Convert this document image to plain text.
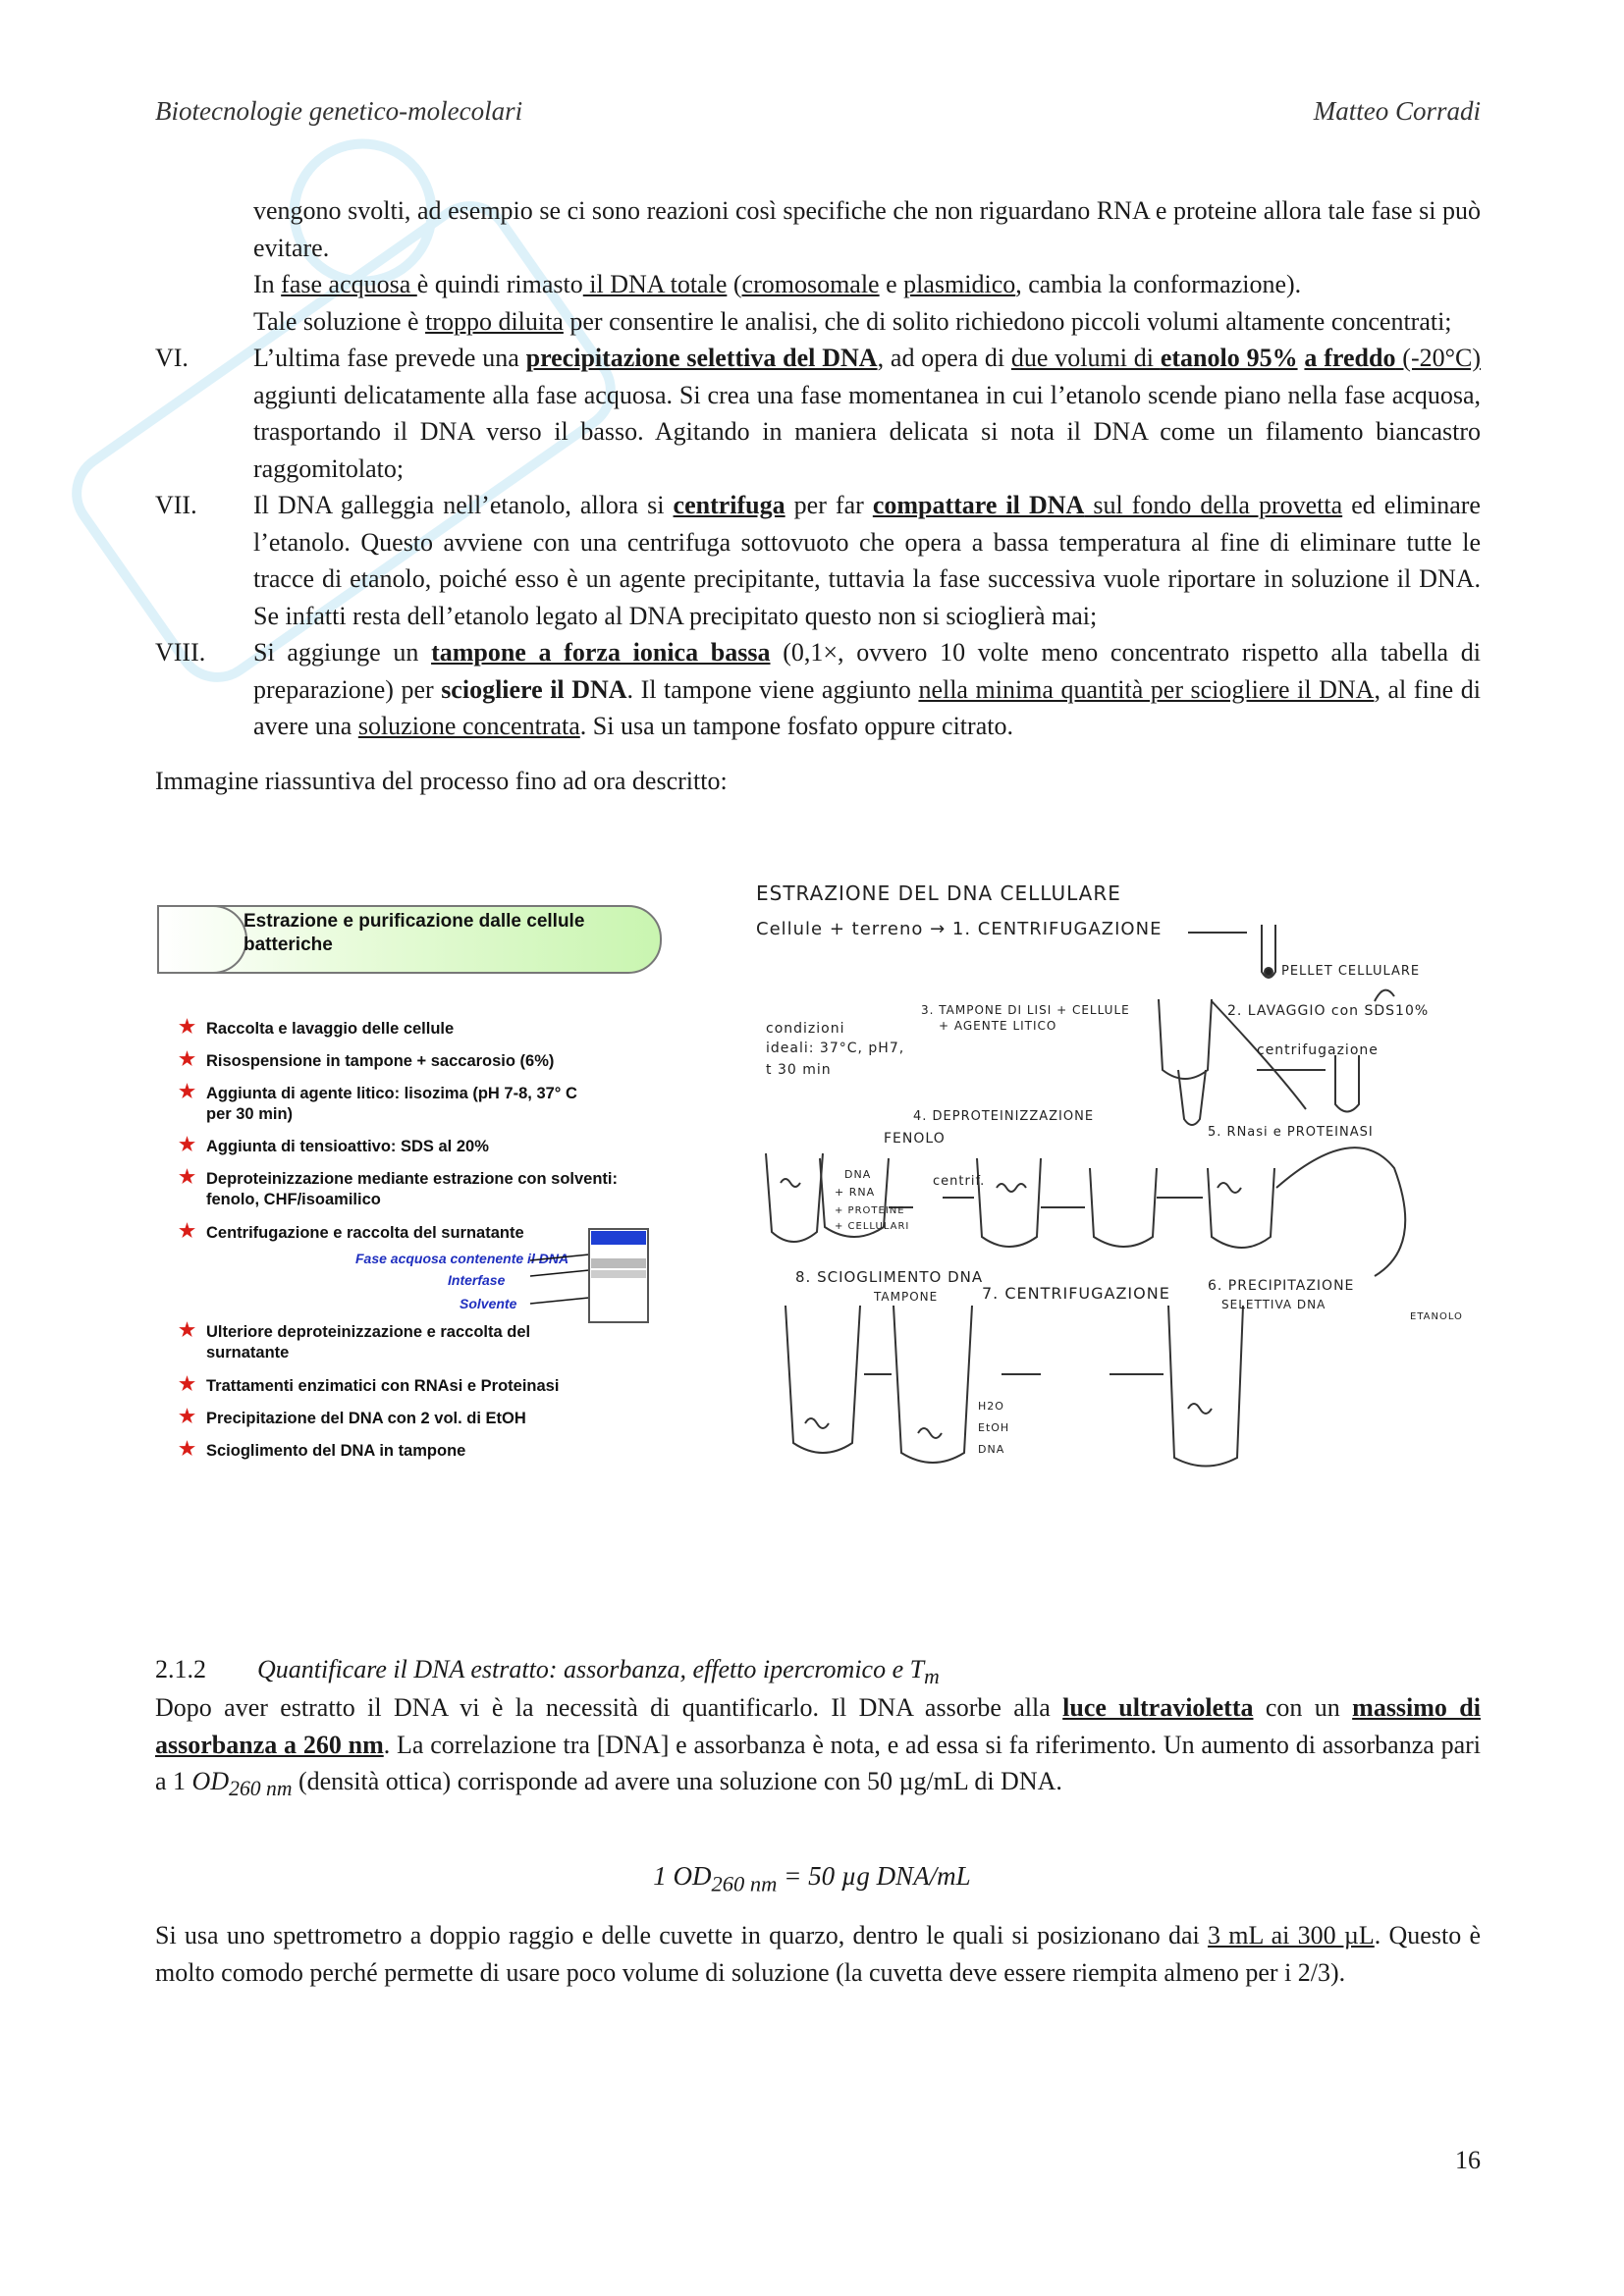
Biotecnologie genetico-molecolari	Matteo Corradi

vengono svolti, ad esempio se ci sono reazioni così specifiche che non riguardano RNA e proteine allora tale fase si può evitare.

In fase acquosa è quindi rimasto il DNA totale (cromosomale e plasmidico, cambia la conformazione).

Tale soluzione è troppo diluita per consentire le analisi, che di solito richiedono piccoli volumi altamente concentrati;

VI.	L’ultima fase prevede una precipitazione selettiva del DNA, ad opera di due volumi di etanolo 95% a freddo (-20°C) aggiunti delicatamente alla fase acquosa. Si crea una fase momentanea in cui l’etanolo scende piano nella fase acquosa, trasportando il DNA verso il basso. Agitando in maniera delicata si nota il DNA come un filamento biancastro raggomitolato;

VII. Il DNA galleggia nell’etanolo, allora si centrifuga per far compattare il DNA sul fondo della provetta ed eliminare l’etanolo. Questo avviene con una centrifuga sottovuoto che opera a bassa temperatura al fine di eliminare tutte le tracce di etanolo, poiché esso è un agente precipitante, tuttavia la fase successiva vuole riportare in soluzione il DNA. Se infatti resta dell’etanolo legato al DNA precipitato questo non si scioglierà mai;

VIII. Si aggiunge un tampone a forza ionica bassa (0,1×, ovvero 10 volte meno concentrato rispetto alla tabella di preparazione) per sciogliere il DNA. Il tampone viene aggiunto nella minima quantità per sciogliere il DNA, al fine di avere una soluzione concentrata. Si usa un tampone fosfato oppure citrato.

Immagine riassuntiva del processo fino ad ora descritto:

Estrazione e purificazione dalle cellule
batteriche
★ Raccolta e lavaggio delle cellule
★ Risospensione in tampone + saccarosio (6%)
★ Aggiunta di agente litico: lisozima (pH 7-8, 37° C
per 30 min)
★ Aggiunta di tensioattivo: SDS al 20%
★ Deproteinizzazione mediante estrazione con solventi:
fenolo, CHF/isoamilico
★ Centrifugazione e raccolta del surnatante
Fase acquosa contenente il DNA
Interfase
Solvente
★ Ulteriore deproteinizzazione e raccolta del
surnatante
★ Trattamenti enzimatici con RNAsi e Proteinasi
★ Precipitazione del DNA con 2 vol. di EtOH
★ Scioglimento del DNA in tampone
ESTRAZIONE DEL DNA CELLULARE
Cellule + terreno → 1. CENTRIFUGAZIONE
PELLET CELLULARE
2. LAVAGGIO con SDS10%
centrifugazione
3. TAMPONE DI LISI + CELLULE
+ AGENTE LITICO
condizioni
ideali: 37°C, pH7,
t 30 min
4. DEPROTEINIZZAZIONE
FENOLO
centrif.
5. RNasi e PROTEINASI
DNA
+ RNA
+ PROTEINE
+ CELLULARI
8. SCIOGLIMENTO DNA
TAMPONE	7. CENTRIFUGAZIONE	6. PRECIPITAZIONE
SELETTIVA DNA
ETANOLO
H2O
EtOH
DNA
2.1.2 Quantificare il DNA estratto: assorbanza, effetto ipercromico e $T_m$

Dopo aver estratto il DNA vi è la necessità di quantificarlo. Il DNA assorbe alla luce ultravioletta con un massimo di assorbanza a 260 nm. La correlazione tra [DNA] e assorbanza è nota, e ad essa si fa riferimento. Un aumento di assorbanza pari a 1 $OD_{260 nm}$ (densità ottica) corrisponde ad avere una soluzione con 50 µg/mL di DNA.

1 $OD_{260 nm} = 50$ µg DNA/mL

Si usa uno spettrometro a doppio raggio e delle cuvette in quarzo, dentro le quali si posizionano dai 3 mL ai 300 µL. Questo è molto comodo perché permette di usare poco volume di soluzione (la cuvetta deve essere riempita almeno per i 2/3).

16
